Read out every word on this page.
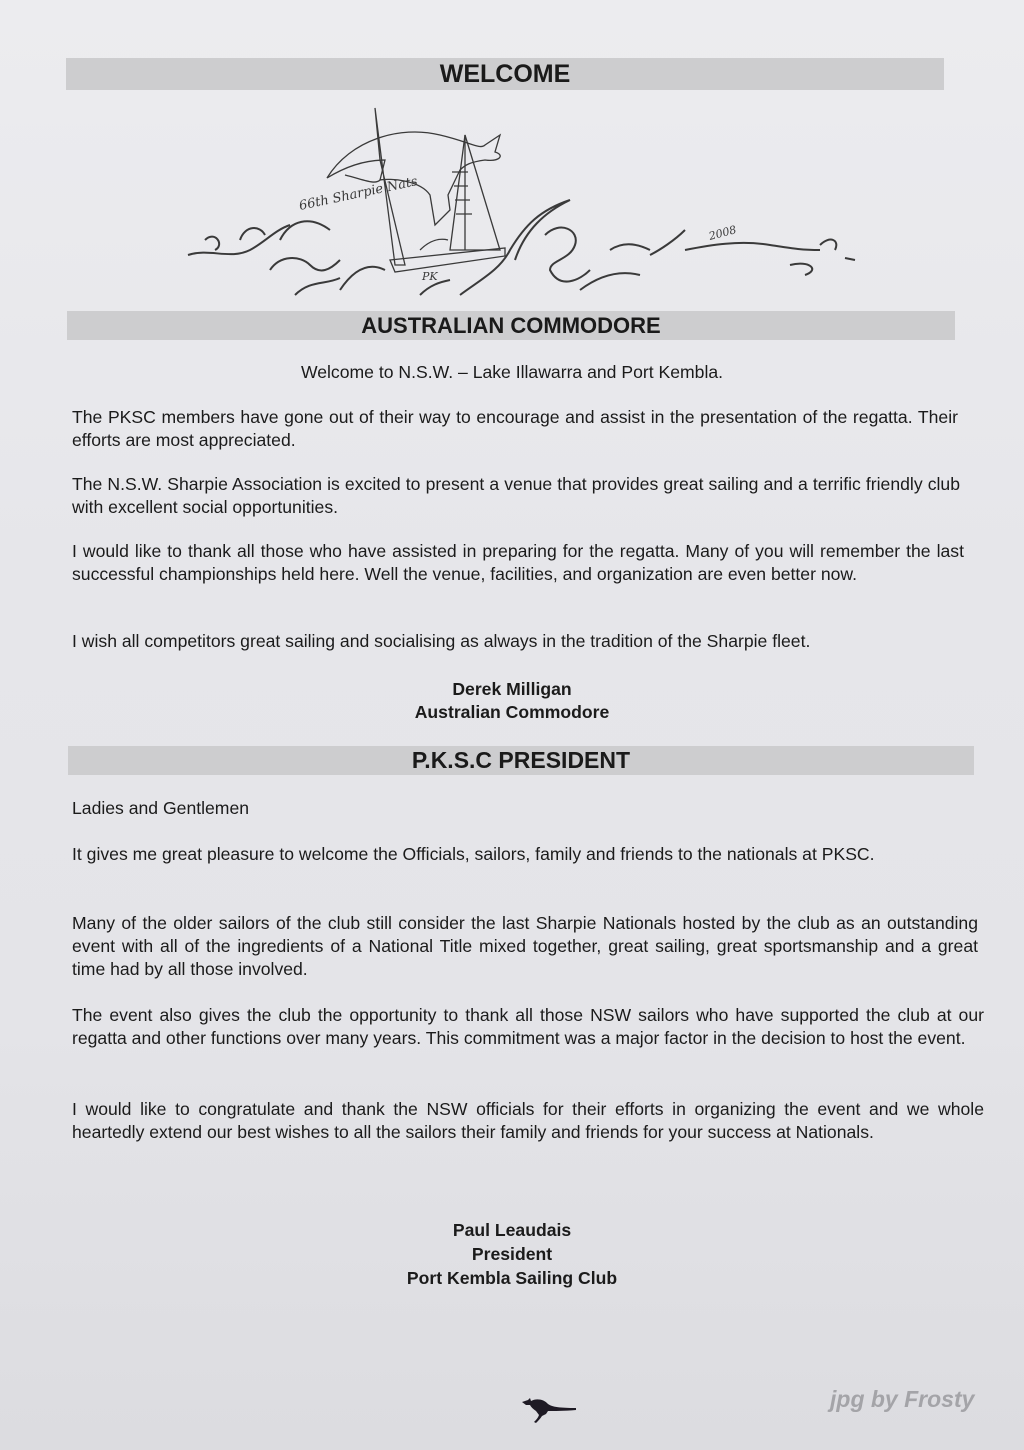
WELCOME
66th Sharpie Nats
2008
PK
AUSTRALIAN COMMODORE
Welcome to N.S.W. – Lake Illawarra and Port Kembla.
The PKSC members have gone out of their way to encourage and assist in the presentation of the regatta. Their efforts are most appreciated.
The N.S.W. Sharpie Association is excited to present a venue that provides great sailing and a terrific friendly club with excellent social opportunities.
I would like to thank all those who have assisted in preparing for the regatta. Many of you will remember the last successful championships held here. Well the venue, facilities, and organization are even better now.
I wish all competitors great sailing and socialising as always in the tradition of the Sharpie fleet.
Derek Milligan
Australian Commodore
P.K.S.C PRESIDENT
Ladies and Gentlemen
It gives me great pleasure to welcome the Officials, sailors, family and friends to the nationals at PKSC.
Many of the older sailors of the club still consider the last Sharpie Nationals hosted by the club as an outstanding event with all of the ingredients of a National Title mixed together, great sailing, great sportsmanship and a great time had by all those involved.
The event also gives the club the opportunity to thank all those NSW sailors who have supported the club at our regatta and other functions over many years. This commitment was a major factor in the decision to host the event.
I would like to congratulate and thank the NSW officials for their efforts in organizing the event and we whole heartedly extend our best wishes to all the sailors their family and friends for your success at Nationals.
Paul Leaudais
President
Port Kembla Sailing Club
jpg by Frosty
